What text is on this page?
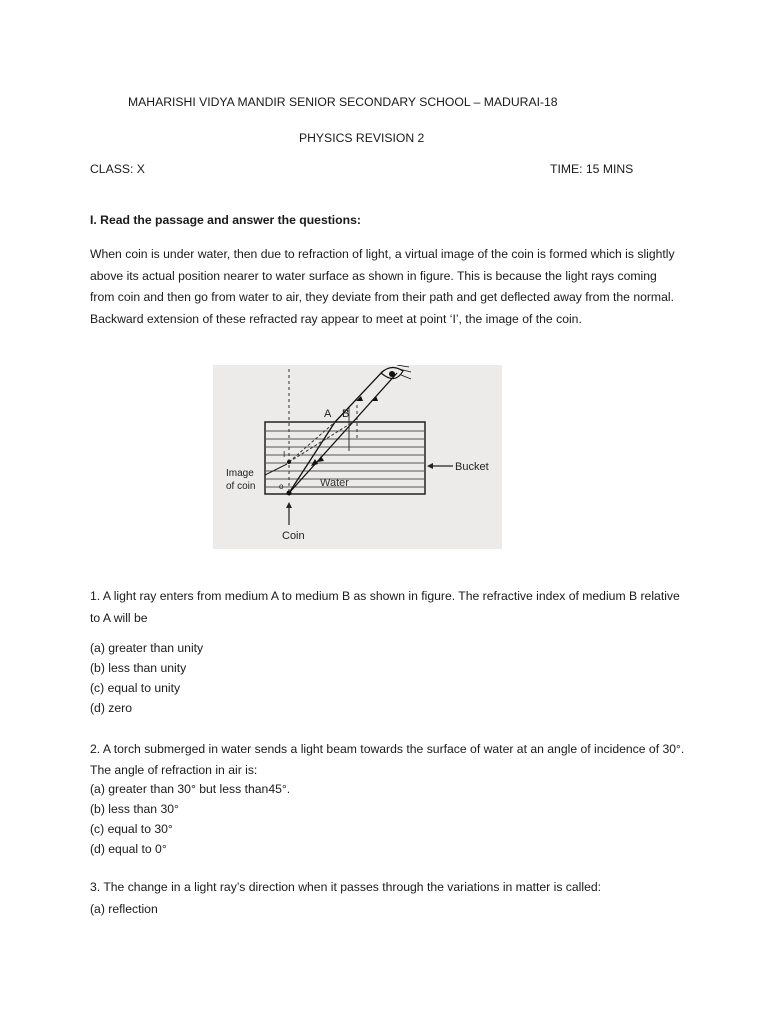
MAHARISHI VIDYA MANDIR SENIOR SECONDARY SCHOOL – MADURAI-18
PHYSICS REVISION 2
CLASS: X	TIME: 15 MINS
I. Read the passage and answer the questions:
When coin is under water, then due to refraction of light, a virtual image of the coin is formed which is slightly above its actual position nearer to water surface as shown in figure. This is because the light rays coming from coin and then go from water to air, they deviate from their path and get deflected away from the normal. Backward extension of these refracted ray appear to meet at point ‘I’, the image of the coin.
A B
I
o
Image
of coin	Water
Bucket
Coin
1. A light ray enters from medium A to medium B as shown in figure. The refractive index of medium B relative to A will be
(a) greater than unity
(b) less than unity
(c) equal to unity
(d) zero
2. A torch submerged in water sends a light beam towards the surface of water at an angle of incidence of 30°. The angle of refraction in air is:
(a) greater than 30° but less than45°.
(b) less than 30°
(c) equal to 30°
(d) equal to 0°
3. The change in a light ray’s direction when it passes through the variations in matter is called:
(a) reflection
